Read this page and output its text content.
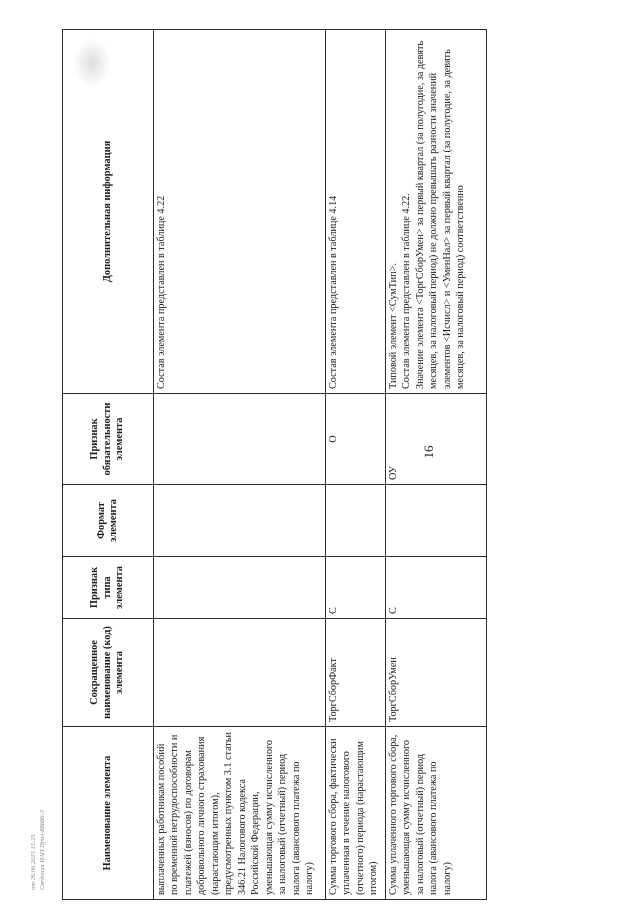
16
Наименование элемента	Сокращенное наименование (код) элемента	Признак типа элемента	Формат элемента	Признак обязательности элемента	Дополнительная информация

выплаченных работникам пособий по временной нетрудоспособности и платежей (взносов) по договорам добровольного личного страхования (нарастающим итогом), предусмотренных пунктом 3.1 статьи 346.21 Налогового кодекса Российской Федерации, уменьшающая сумму исчисленного за налоговый (отчетный) период налога (авансового платежа по налогу)					Состав элемента представлен в таблице 4.22
Сумма торгового сбора, фактически уплаченная в течение налогового (отчетного) периода (нарастающим итогом)	ТоргСборФакт	С		О	Состав элемента представлен в таблице 4.14
Сумма уплаченного торгового сбора, уменьшающая сумму исчисленного за налоговый (отчетный) период налога (авансового платежа по налогу)	ТоргСборУмен	С		ОУ	Типовой элемент <СумТип>. Состав элемента представлен в таблице 4.22. Значение элемента <ТоргСборУмен> за первый квартал (за полугодие, за девять месяцев, за налоговый период) не должно превышать разности значений элементов <Исчисл> и <УменНал> за первый квартал (за полугодие, за девять месяцев, за налоговый период) соответственно
от 26.06.2015 15:25 Сведения ИАП Прил-88686-3
